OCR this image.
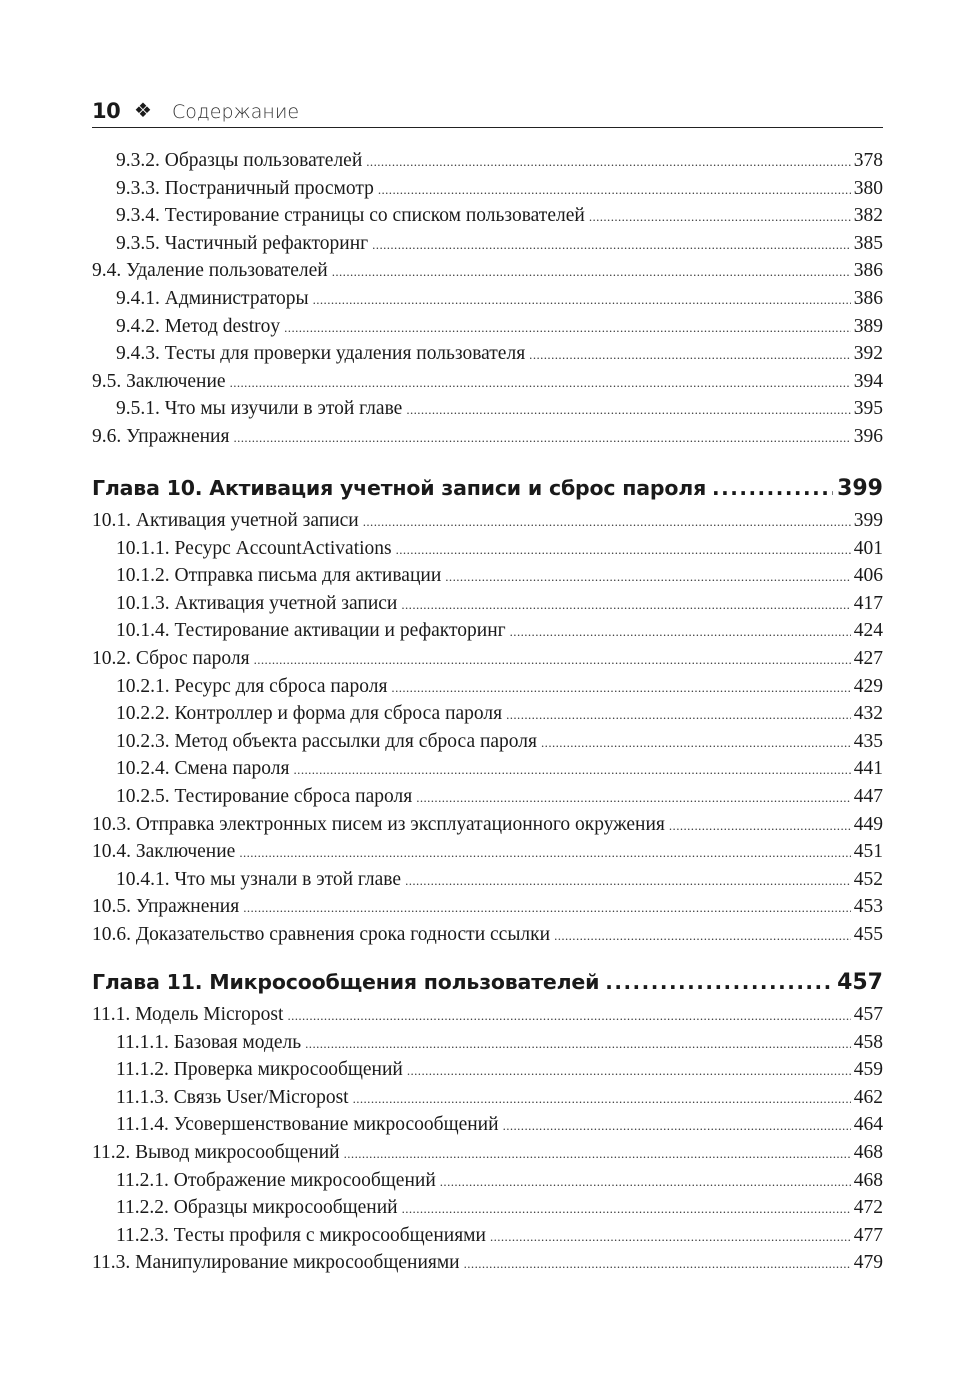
10 ❖ Содержание
9.3.2. Образцы пользователей .....	378
9.3.3. Постраничный просмотр .....	380
9.3.4. Тестирование страницы со списком пользователей .....	382
9.3.5. Частичный рефакторинг .....	385
9.4. Удаление пользователей .....	386
9.4.1. Администраторы .....	386
9.4.2. Метод destroy .....	389
9.4.3. Тесты для проверки удаления пользователя .....	392
9.5. Заключение .....	394
9.5.1. Что мы изучили в этой главе .....	395
9.6. Упражнения .....	396
Глава 10. Активация учетной записи и сброс пароля .....	399
10.1. Активация учетной записи .....	399
10.1.1. Ресурс AccountActivations .....	401
10.1.2. Отправка письма для активации .....	406
10.1.3. Активация учетной записи .....	417
10.1.4. Тестирование активации и рефакторинг .....	424
10.2. Сброс пароля .....	427
10.2.1. Ресурс для сброса пароля .....	429
10.2.2. Контроллер и форма для сброса пароля .....	432
10.2.3. Метод объекта рассылки для сброса пароля .....	435
10.2.4. Смена пароля .....	441
10.2.5. Тестирование сброса пароля .....	447
10.3. Отправка электронных писем из эксплуатационного окружения .....	449
10.4. Заключение .....	451
10.4.1. Что мы узнали в этой главе .....	452
10.5. Упражнения .....	453
10.6. Доказательство сравнения срока годности ссылки .....	455
Глава 11. Микросообщения пользователей .....	457
11.1. Модель Micropost .....	457
11.1.1. Базовая модель .....	458
11.1.2. Проверка микросообщений .....	459
11.1.3. Связь User/Micropost .....	462
11.1.4. Усовершенствование микросообщений .....	464
11.2. Вывод микросообщений .....	468
11.2.1. Отображение микросообщений .....	468
11.2.2. Образцы микросообщений .....	472
11.2.3. Тесты профиля с микросообщениями .....	477
11.3. Манипулирование микросообщениями .....	479
